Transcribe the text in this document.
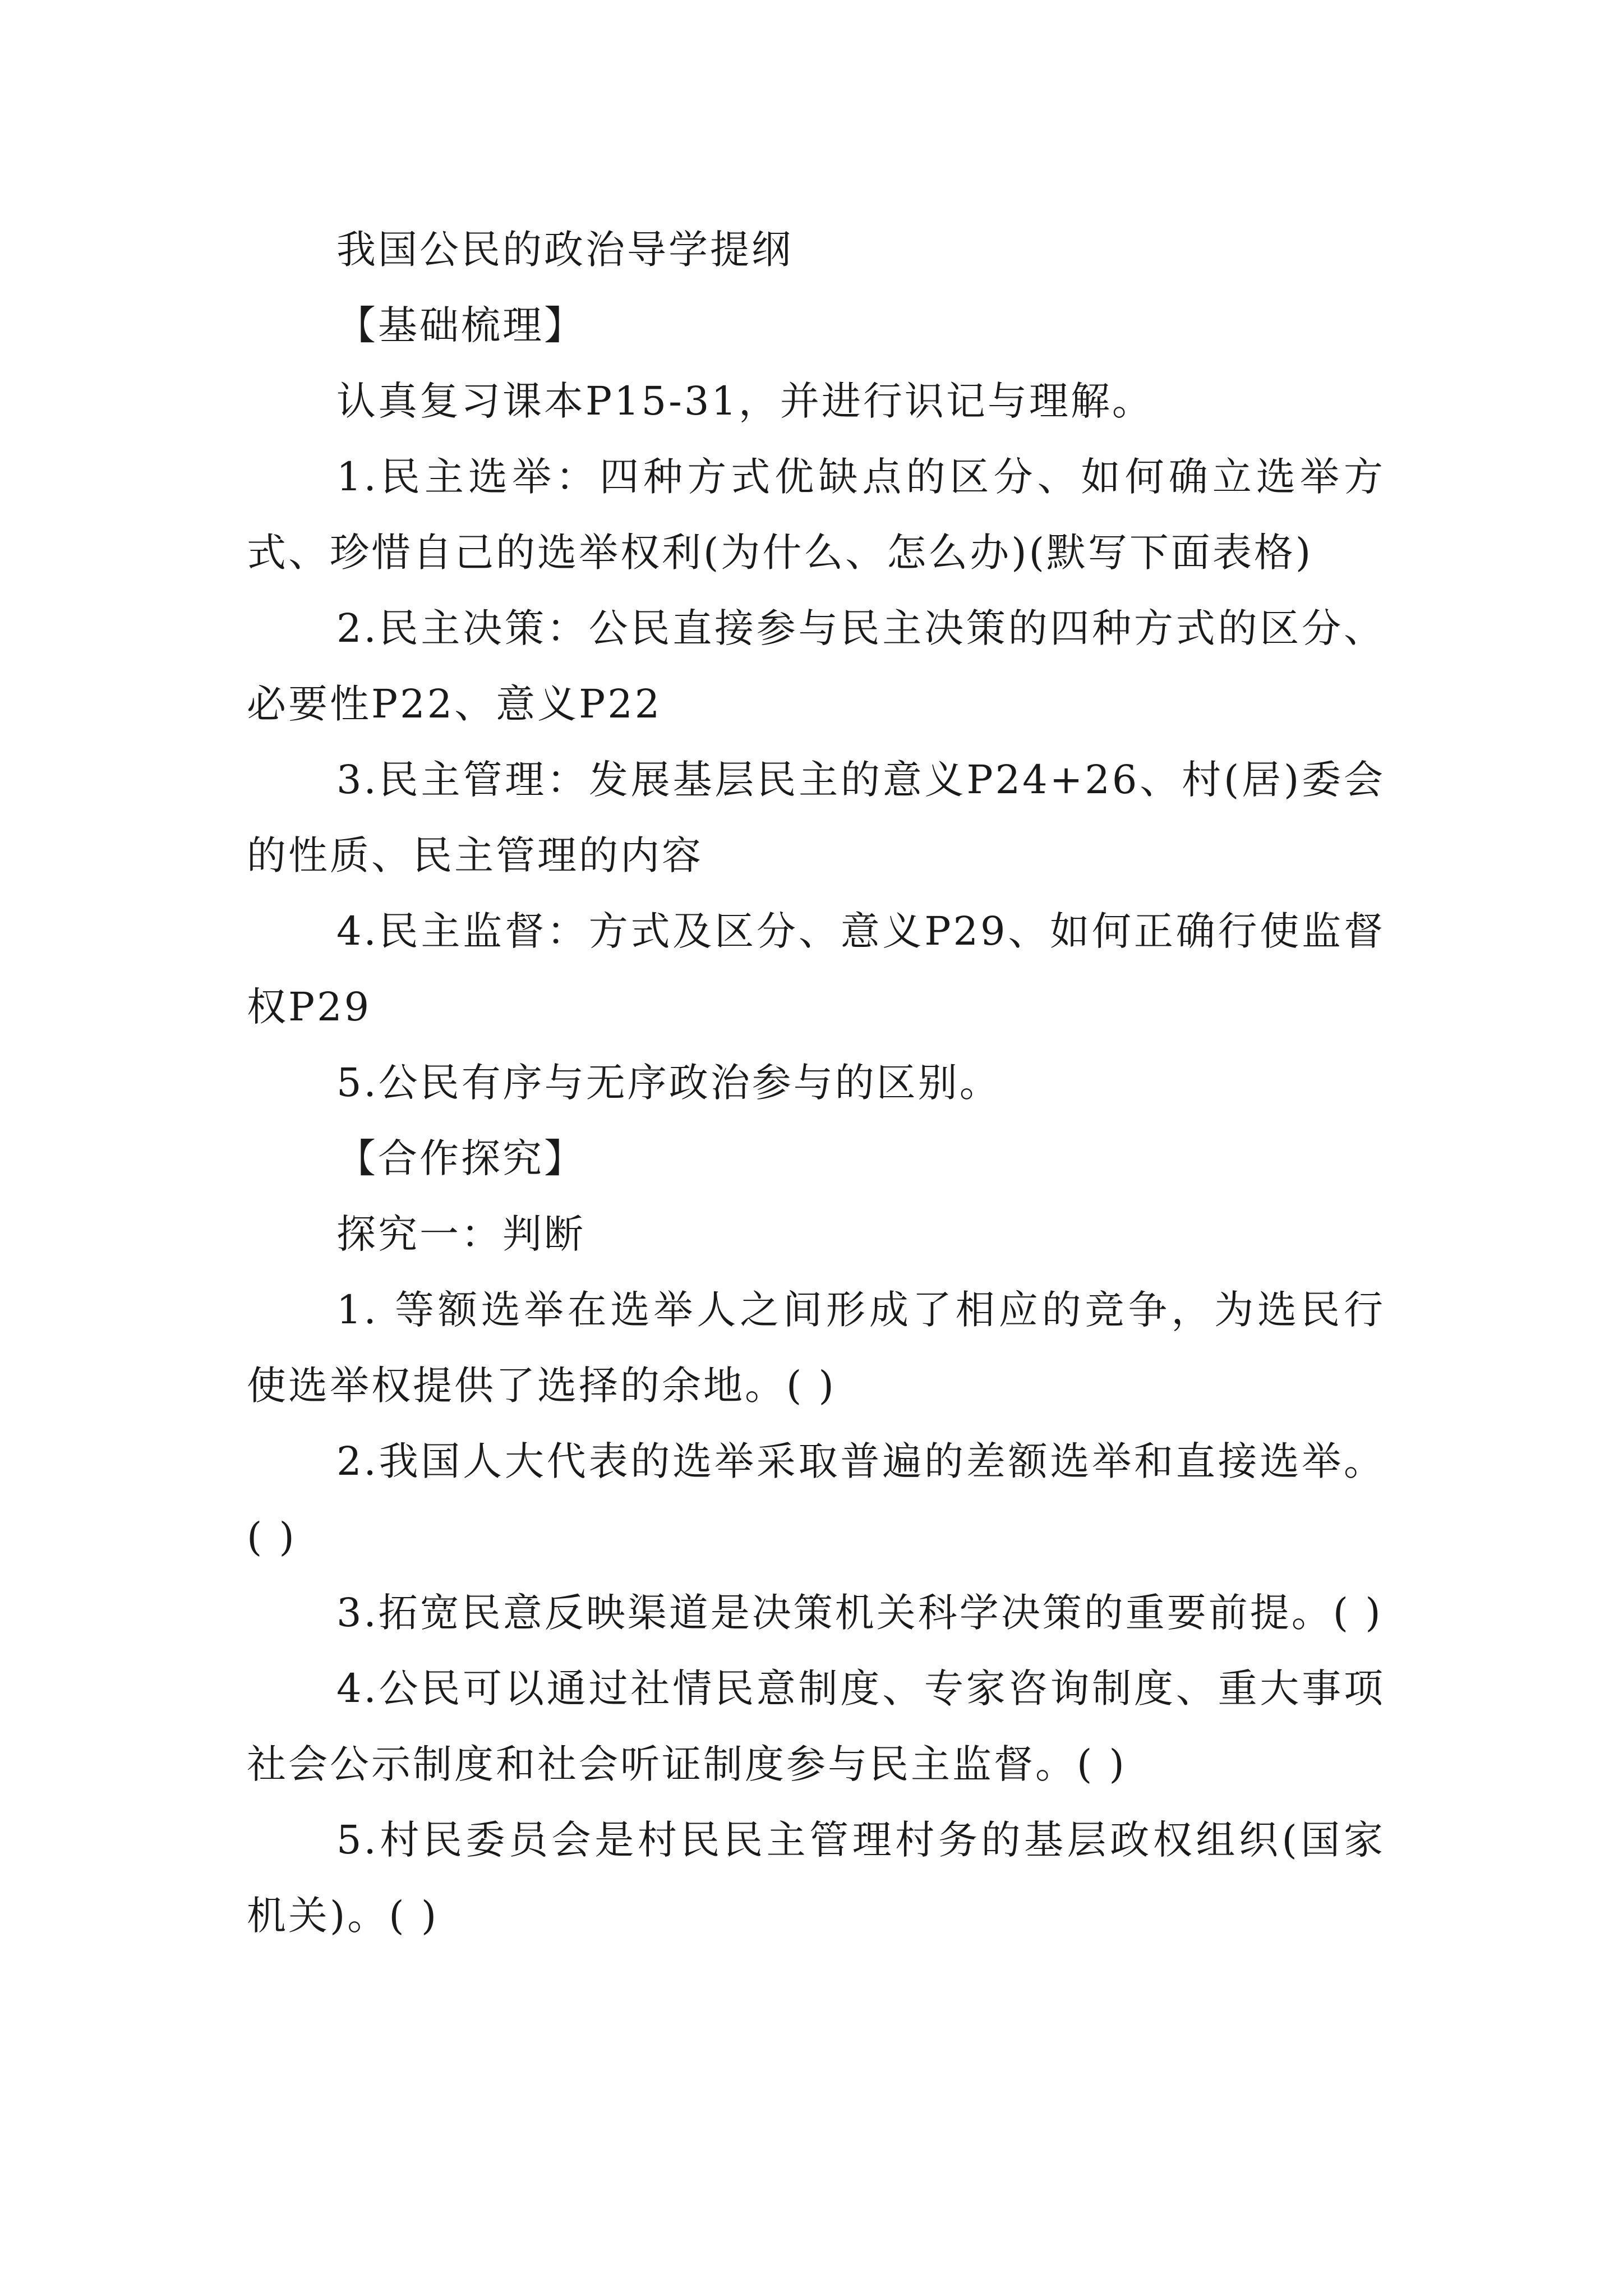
我国公民的政治导学提纲

【基础梳理】

认真复习课本P15-31，并进行识记与理解。

1.民主选举：四种方式优缺点的区分、如何确立选举方式、珍惜自己的选举权利(为什么、怎么办)(默写下面表格)

2.民主决策：公民直接参与民主决策的四种方式的区分、必要性P22、意义P22

3.民主管理：发展基层民主的意义P24+26、村(居)委会的性质、民主管理的内容

4.民主监督：方式及区分、意义P29、如何正确行使监督权P29

5.公民有序与无序政治参与的区别。

【合作探究】

探究一：判断

1. 等额选举在选举人之间形成了相应的竞争，为选民行使选举权提供了选择的余地。( )

2.我国人大代表的选举采取普遍的差额选举和直接选举。( )

3.拓宽民意反映渠道是决策机关科学决策的重要前提。( )

4.公民可以通过社情民意制度、专家咨询制度、重大事项社会公示制度和社会听证制度参与民主监督。( )

5.村民委员会是村民民主管理村务的基层政权组织(国家机关)。( )
